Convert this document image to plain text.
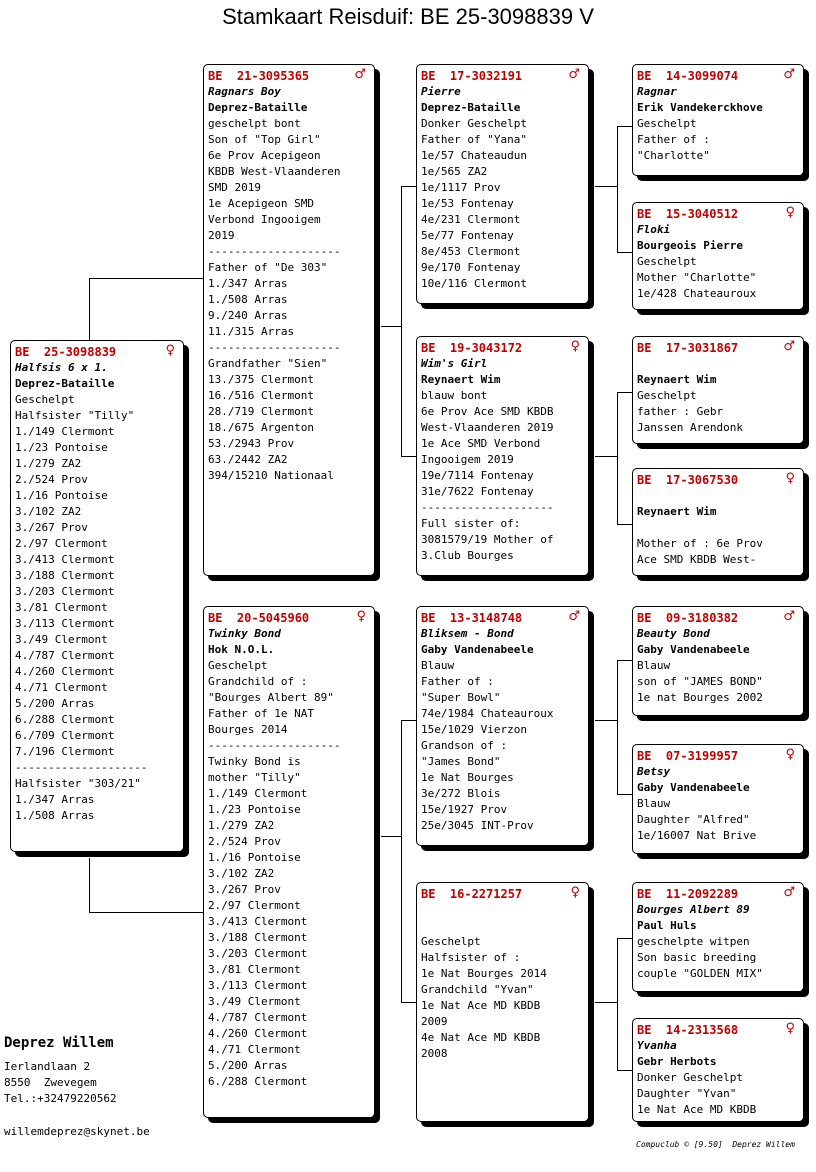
Stamkaart Reisduif: BE 25-3098839 V
BE  25-3098839	♀
Halfsis 6 x 1.
Deprez-Bataille
Geschelpt
Halfsister "Tilly"
1./149 Clermont
1./23 Pontoise
1./279 ZA2
2./524 Prov
1./16 Pontoise
3./102 ZA2
3./267 Prov
2./97 Clermont
3./413 Clermont
3./188 Clermont
3./203 Clermont
3./81 Clermont
3./113 Clermont
3./49 Clermont
4./787 Clermont
4./260 Clermont
4./71 Clermont
5./200 Arras
6./288 Clermont
6./709 Clermont
7./196 Clermont
--------------------
Halfsister "303/21"
1./347 Arras
1./508 Arras
BE  21-3095365	♂
Ragnars Boy
Deprez-Bataille
geschelpt bont
Son of "Top Girl"
6e Prov Acepigeon
KBDB West-Vlaanderen
SMD 2019
1e Acepigeon SMD
Verbond Ingooigem
2019
--------------------
Father of "De 303"
1./347 Arras
1./508 Arras
9./240 Arras
11./315 Arras
--------------------
Grandfather "Sien"
13./375 Clermont
16./516 Clermont
28./719 Clermont
18./675 Argenton
53./2943 Prov
63./2442 ZA2
394/15210 Nationaal
BE  20-5045960	♀
Twinky Bond
Hok N.O.L.
Geschelpt
Grandchild of :
"Bourges Albert 89"
Father of 1e NAT
Bourges 2014
--------------------
Twinky Bond is
mother "Tilly"
1./149 Clermont
1./23 Pontoise
1./279 ZA2
2./524 Prov
1./16 Pontoise
3./102 ZA2
3./267 Prov
2./97 Clermont
3./413 Clermont
3./188 Clermont
3./203 Clermont
3./81 Clermont
3./113 Clermont
3./49 Clermont
4./787 Clermont
4./260 Clermont
4./71 Clermont
5./200 Arras
6./288 Clermont
BE  17-3032191	♂
Pierre
Deprez-Bataille
Donker Geschelpt
Father of "Yana"
1e/57 Chateaudun
1e/565 ZA2
1e/1117 Prov
1e/53 Fontenay
4e/231 Clermont
5e/77 Fontenay
8e/453 Clermont
9e/170 Fontenay
10e/116 Clermont
BE  19-3043172	♀
Wim's Girl
Reynaert Wim
blauw bont
6e Prov Ace SMD KBDB
West-Vlaanderen 2019
1e Ace SMD Verbond
Ingooigem 2019
19e/7114 Fontenay
31e/7622 Fontenay
--------------------
Full sister of:
3081579/19 Mother of
3.Club Bourges
BE  13-3148748	♂
Bliksem - Bond
Gaby Vandenabeele
Blauw
Father of :
"Super Bowl"
74e/1984 Chateauroux
15e/1029 Vierzon
Grandson of :
"James Bond"
1e Nat Bourges
3e/272 Blois
15e/1927 Prov
25e/3045 INT-Prov
BE  16-2271257	♀
Geschelpt
Halfsister of :
1e Nat Bourges 2014
Grandchild "Yvan"
1e Nat Ace MD KBDB
2009
4e Nat Ace MD KBDB
2008
BE  14-3099074	♂
Ragnar
Erik Vandekerckhove
Geschelpt
Father of :
"Charlotte"
BE  15-3040512	♀
Floki
Bourgeois Pierre
Geschelpt
Mother "Charlotte"
1e/428 Chateauroux
BE  17-3031867	♂
Reynaert Wim
Geschelpt
father : Gebr
Janssen Arendonk
BE  17-3067530	♀
Reynaert Wim
Mother of : 6e Prov
Ace SMD KBDB West-
BE  09-3180382	♂
Beauty Bond
Gaby Vandenabeele
Blauw
son of "JAMES BOND"
1e nat Bourges 2002
BE  07-3199957	♀
Betsy
Gaby Vandenabeele
Blauw
Daughter "Alfred"
1e/16007 Nat Brive
BE  11-2092289	♂
Bourges Albert 89
Paul Huls
geschelpte witpen
Son basic breeding
couple "GOLDEN MIX"
BE  14-2313568	♀
Yvanha
Gebr Herbots
Donker Geschelpt
Daughter "Yvan"
1e Nat Ace MD KBDB
Deprez Willem
Ierlandlaan 2
8550  Zwevegem
Tel.:+32479220562
willemdeprez@skynet.be
Compuclub © [9.50]  Deprez Willem
